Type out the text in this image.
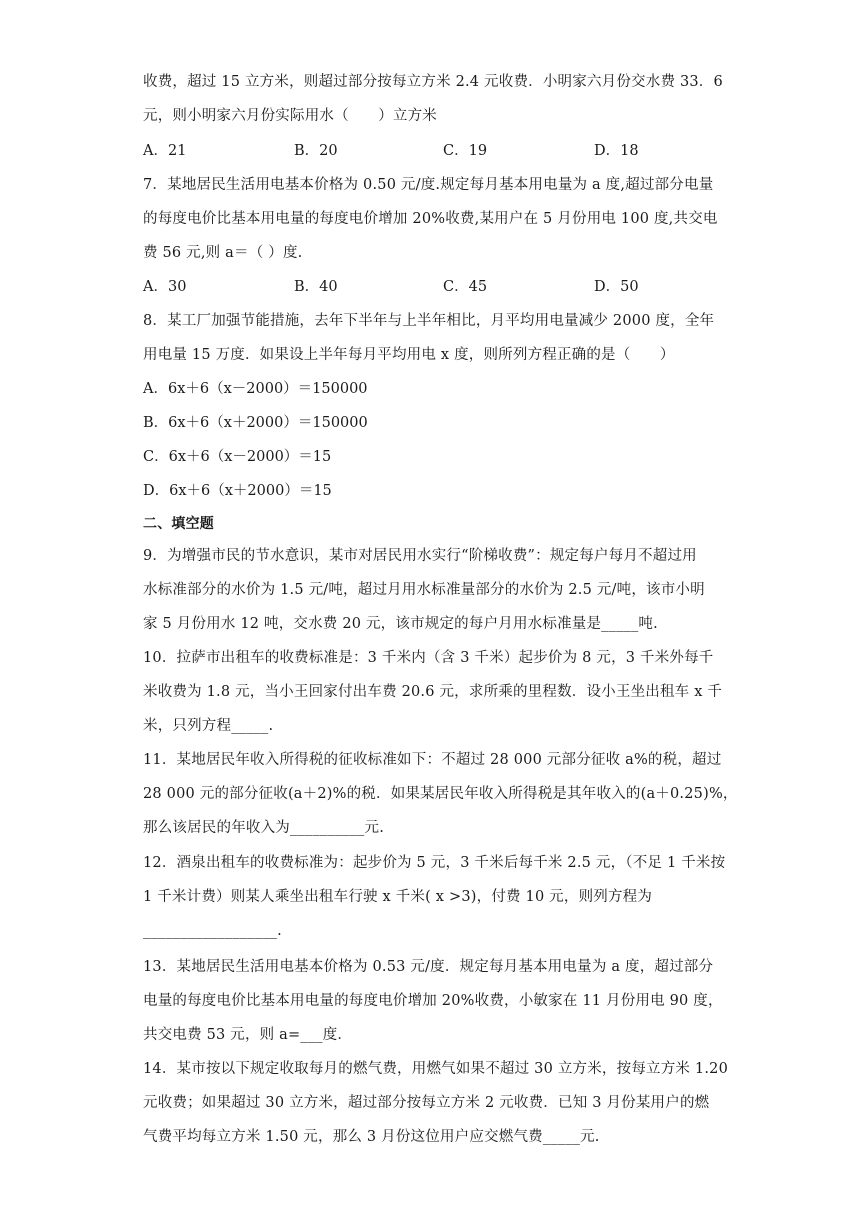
收费，超过 15 立方米，则超过部分按每立方米 2.4 元收费．小明家六月份交水费 33．6
元，则小明家六月份实际用水（　　）立方米
A．21	B．20	C．19	D．18
7．某地居民生活用电基本价格为 0.50 元/度.规定每月基本用电量为 a 度,超过部分电量
的每度电价比基本用电量的每度电价增加 20%收费,某用户在 5 月份用电 100 度,共交电
费 56 元,则 a＝（ ）度.
A．30	B．40	C．45	D．50
8．某工厂加强节能措施，去年下半年与上半年相比，月平均用电量减少 2000 度，全年
用电量 15 万度．如果设上半年每月平均用电 x 度，则所列方程正确的是（　　）
A．6x＋6（x－2000）＝150000
B．6x＋6（x＋2000）＝150000
C．6x＋6（x－2000）＝15
D．6x＋6（x＋2000）＝15
二、填空题
9．为增强市民的节水意识，某市对居民用水实行“阶梯收费”：规定每户每月不超过用
水标准部分的水价为 1.5 元/吨，超过月用水标准量部分的水价为 2.5 元/吨，该市小明
家 5 月份用水 12 吨，交水费 20 元，该市规定的每户月用水标准量是_____吨.
10．拉萨市出租车的收费标准是：3 千米内（含 3 千米）起步价为 8 元，3 千米外每千
米收费为 1.8 元，当小王回家付出车费 20.6 元，求所乘的里程数．设小王坐出租车 x 千
米，只列方程_____.
11．某地居民年收入所得税的征收标准如下：不超过 28 000 元部分征收 a%的税，超过
28 000 元的部分征收(a＋2)%的税．如果某居民年收入所得税是其年收入的(a＋0.25)%，
那么该居民的年收入为__________元.
12．酒泉出租车的收费标准为：起步价为 5 元，3 千米后每千米 2.5 元，（不足 1 千米按
1 千米计费）则某人乘坐出租车行驶 x 千米( x >3)，付费 10 元，则列方程为
__________________.
13．某地居民生活用电基本价格为 0.53 元/度．规定每月基本用电量为 a 度，超过部分
电量的每度电价比基本用电量的每度电价增加 20%收费，小敏家在 11 月份用电 90 度，
共交电费 53 元，则 a=___度．
14．某市按以下规定收取每月的燃气费，用燃气如果不超过 30 立方米，按每立方米 1.20
元收费；如果超过 30 立方米，超过部分按每立方米 2 元收费．已知 3 月份某用户的燃
气费平均每立方米 1.50 元，那么 3 月份这位用户应交燃气费_____元.
